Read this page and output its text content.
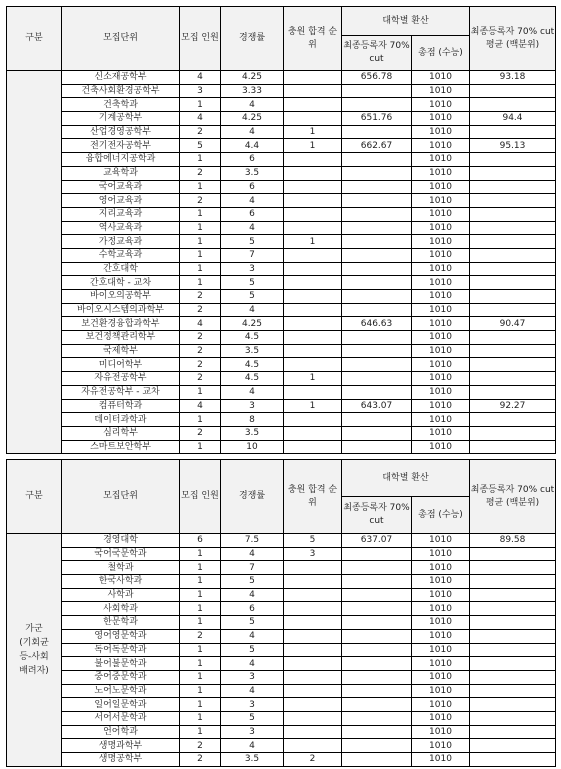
구분	모집단위	모집 인원	경쟁률	충원 합격 순위	대학별 환산		최종등록자 70% cut 평균 (백분위)
					최종등록자 70% cut	총점 (수능)	
	신소재공학부	4	4.25		656.78	1010	93.18
	건축사회환경공학부	3	3.33			1010	
	건축학과	1	4			1010	
	기계공학부	4	4.25		651.76	1010	94.4
	산업경영공학부	2	4	1		1010	
	전기전자공학부	5	4.4	1	662.67	1010	95.13
	융합에너지공학과	1	6			1010	
	교육학과	2	3.5			1010	
	국어교육과	1	6			1010	
	영어교육과	2	4			1010	
	지리교육과	1	6			1010	
	역사교육과	1	4			1010	
	가정교육과	1	5	1		1010	
	수학교육과	1	7			1010	
	간호대학	1	3			1010	
	간호대학 - 교차	1	5			1010	
	바이오의공학부	2	5			1010	
	바이오시스템의과학부	2	4			1010	
	보건환경융합과학부	4	4.25		646.63	1010	90.47
	보건정책관리학부	2	4.5			1010	
	국제학부	2	3.5			1010	
	미디어학부	2	4.5			1010	
	자유전공학부	2	4.5	1		1010	
	자유전공학부 - 교차	1	4			1010	
	컴퓨터학과	4	3	1	643.07	1010	92.27
	데이터과학과	1	8			1010	
	심리학부	2	3.5			1010	
	스마트보안학부	1	10			1010	
구분	모집단위	모집 인원	경쟁률	충원 합격 순위	대학별 환산		최종등록자 70% cut 평균 (백분위)
					최종등록자 70% cut	총점 (수능)	
가군
(기회균
등-사회
배려자)	경영대학	6	7.5	5	637.07	1010	89.58
	국어국문학과	1	4	3		1010	
	철학과	1	7			1010	
	한국사학과	1	5			1010	
	사학과	1	4			1010	
	사회학과	1	6			1010	
	한문학과	1	5			1010	
	영어영문학과	2	4			1010	
	독어독문학과	1	5			1010	
	불어불문학과	1	4			1010	
	중어중문학과	1	3			1010	
	노어노문학과	1	4			1010	
	일어일문학과	1	3			1010	
	서어서문학과	1	5			1010	
	언어학과	1	3			1010	
	생명과학부	2	4			1010	
	생명공학부	2	3.5	2		1010	
